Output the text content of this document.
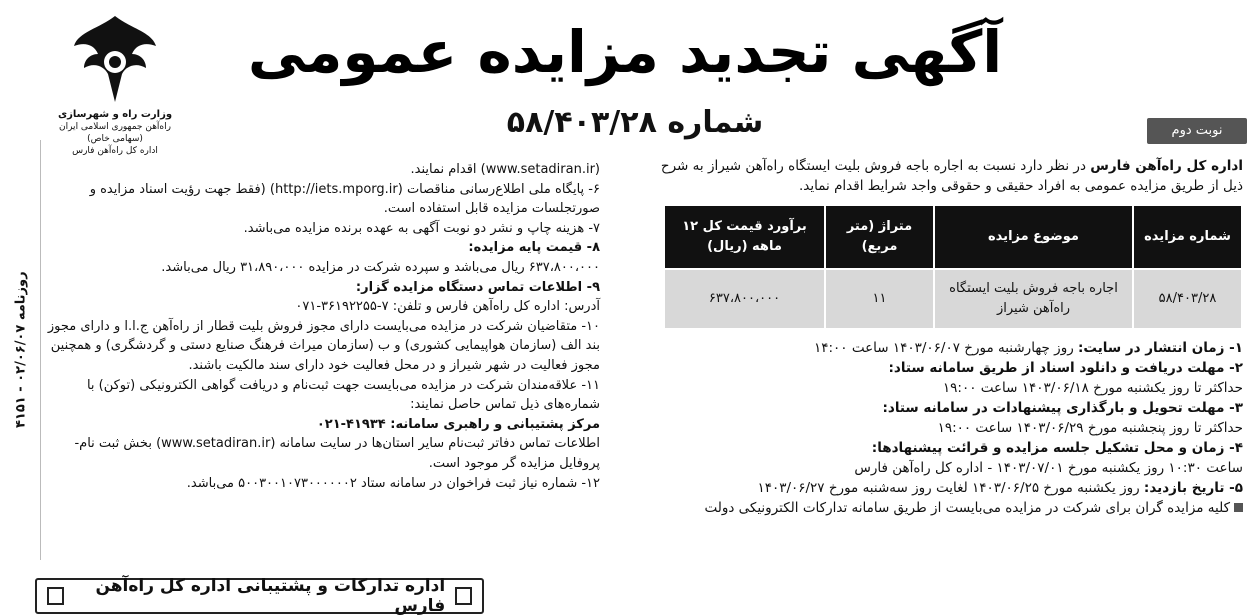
روزنامه ۰۲/۰۶/۰۷ - ۴۱۵۱
وزارت راه و شهرسازی
راه‌آهن جمهوری اسلامی ایران (سهامی خاص)
اداره کل راه‌آهن فارس
آگهی تجدید مزایده عمومی
شماره ۵۸/۴۰۳/۲۸	نوبت دوم

اداره کل راه‌آهن فارس در نظر دارد نسبت به اجاره باجه فروش بلیت ایستگاه راه‌آهن شیراز به شرح ذیل از طریق مزایده عمومی به افراد حقیقی و حقوقی واجد شرایط اقدام نماید.

شماره مزایده	موضوع مزایده	متراژ (متر مربع)	برآورد قیمت کل ۱۲ ماهه (ریال)
۵۸/۴۰۳/۲۸	اجاره باجه فروش بلیت ایستگاه راه‌آهن شیراز	۱۱	۶۳۷،۸۰۰،۰۰۰

۱- زمان انتشار در سایت: روز چهارشنبه مورخ ۱۴۰۳/۰۶/۰۷ ساعت ۱۴:۰۰

۲- مهلت دریافت و دانلود اسناد از طریق سامانه ستاد:

حداکثر تا روز یکشنبه مورخ ۱۴۰۳/۰۶/۱۸ ساعت ۱۹:۰۰

۳- مهلت تحویل و بارگذاری پیشنهادات در سامانه ستاد:

حداکثر تا روز پنجشنبه مورخ ۱۴۰۳/۰۶/۲۹ ساعت ۱۹:۰۰

۴- زمان و محل تشکیل جلسه مزایده و قرائت پیشنهادها:

ساعت ۱۰:۳۰ روز یکشنبه مورخ ۱۴۰۳/۰۷/۰۱ - اداره کل راه‌آهن فارس

۵- تاریخ بازدید: روز یکشنبه مورخ ۱۴۰۳/۰۶/۲۵ لغایت روز سه‌شنبه مورخ ۱۴۰۳/۰۶/۲۷

کلیه مزایده گران برای شرکت در مزایده می‌بایست از طریق سامانه تدارکات الکترونیکی دولت

(www.setadiran.ir) اقدام نمایند.

۶- پایگاه ملی اطلاع‌رسانی مناقصات (http://iets.mporg.ir) (فقط جهت رؤیت اسناد مزایده و صورتجلسات مزایده قابل استفاده است.

۷- هزینه چاپ و نشر دو نوبت آگهی به عهده برنده مزایده می‌باشد.

۸- قیمت پایه مزایده:

۶۳۷،۸۰۰،۰۰۰ ریال می‌باشد و سپرده شرکت در مزایده ۳۱،۸۹۰،۰۰۰ ریال می‌باشد.

۹- اطلاعات تماس دستگاه مزایده گزار:

آدرس: اداره کل راه‌آهن فارس و تلفن: ۷-۳۶۱۹۲۲۵۵-۰۷۱

۱۰- متقاضیان شرکت در مزایده می‌بایست دارای مجوز فروش بلیت قطار از راه‌آهن ج.ا.ا و دارای مجوز بند الف (سازمان هواپیمایی کشوری) و ب (سازمان میراث فرهنگ صنایع دستی و گردشگری) و همچنین مجوز فعالیت در شهر شیراز و در محل فعالیت خود دارای سند مالکیت باشند.

۱۱- علاقه‌مندان شرکت در مزایده می‌بایست جهت ثبت‌نام و دریافت گواهی الکترونیکی (توکن) با شماره‌های ذیل تماس حاصل نمایند:

مرکز پشتیبانی و راهبری سامانه: ۴۱۹۳۴-۰۲۱

اطلاعات تماس دفاتر ثبت‌نام سایر استان‌ها در سایت سامانه (www.setadiran.ir) بخش ثبت نام- پروفایل مزایده گر موجود است.

۱۲- شماره نیاز ثبت فراخوان در سامانه ستاد ۵۰۰۳۰۰۱۰۷۳۰۰۰۰۰۰۲ می‌باشد.

اداره تدارکات و پشتیبانی اداره کل راه‌آهن فارس
